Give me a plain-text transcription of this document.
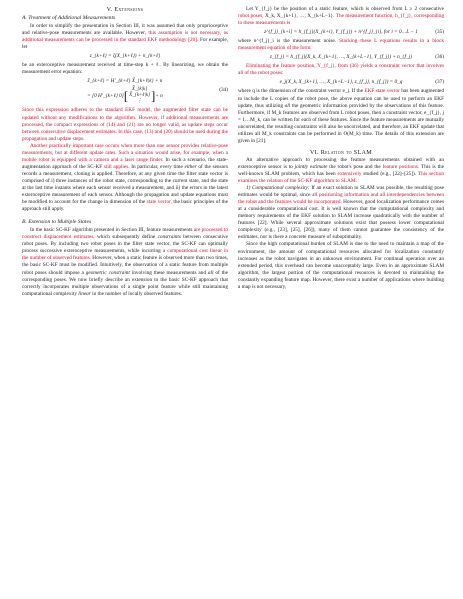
V. Extensions
A. Treatment of Additional Measurements

In order to simplify the presentation in Section III, it was assumed that only proprioceptive and relative-pose measurements are available. However, this assumption is not necessary, as additional measurements can be processed in the standard EKF methodology [20]. For example, let

z_{k+ℓ} = ζ(X_{k+ℓ}) + n_{k+ℓ}

be an exteroceptive measurement received at time-step k + ℓ. By linearizing, we obtain the measurement error equation:

z̃_{k+ℓ} = H′_{k+ℓ} X̃_{k+ℓ|k} + n
= [0 H′_{k+ℓ} 0] [ X̃_{k|k}
X̃_{k+ℓ|k}
⋮ ] + n
(34)

Since this expression adheres to the standard EKF model, the augmented filter state can be updated without any modifications to the algorithm. However, if additional measurements are processed, the compact expressions of (14) and (21) are no longer valid, as update steps occur between consecutive displacement estimates. In this case, (13) and (20) should be used during the propagation and update steps.

Another practically important case occurs when more than one sensor provides relative-pose measurements, but at different update rates. Such a situation would arise, for example, when a mobile robot is equipped with a camera and a laser range finder. In such a scenario, the state-augmentation approach of the SC-KF still applies. In particular, every time either of the sensors records a measurement, cloning is applied. Therefore, at any given time the filter state vector is comprised of i) three instances of the robot state, corresponding to the current state, and the state at the last time instants where each sensor received a measurement, and ii) the errors in the latest exteroceptive measurement of each sensor. Although the propagation and update equations must be modified to account for the change in dimension of the state vector, the basic principles of the approach still apply.

B. Extension to Multiple States

In the basic SC-KF algorithm presented in Section III, feature measurements are processed to construct displacement estimates, which subsequently define constraints between consecutive robot poses. By including two robot poses in the filter state vector, the SC-KF can optimally process successive exteroceptive measurements, while incurring a computational cost linear in the number of observed features. However, when a static feature is observed more than two times, the basic SC-KF must be modified. Intuitively, the observation of a static feature from multiple robot poses should impose a geometric constraint involving these measurements and all of the corresponding poses. We now briefly describe an extension to the basic SC-KF approach that correctly incorporates multiple observations of a single point feature while still maintaining computational complexity linear in the number of locally observed features.

Let Y_{f_j} be the position of a static feature, which is observed from L ≥ 2 consecutive robot poses, X_k, X_{k+1}, …, X_{k+L−1}. The measurement function, h_{f_j}, corresponding to these measurements is

z^{f_j}_{k+i} = h_{f_j}(X_{k+i}, Y_{f_j}) + n^{f_j}_{i}, for i = 0…L − 1	(35)

where n^{f_j}_i is the measurement noise. Stacking these L equations results in a block measurement equation of the form:

z_{f_j} = h_{f_j}(X_k, X_{k+1}, …, X_{k+L−1}, Y_{f_j}) + n_{f_j}	(36)

Eliminating the feature position, Y_{f_j}, from (36) yields a constraint vector that involves all of the robot poses:

e_j(X_k, X_{k+1}, …, X_{k+L−1}, z_{f_j}, n_{f_j}) = 0_q	(37)

where q is the dimension of the constraint vector e_j. If the EKF state vector has been augmented to include the L copies of the robot pose, the above equation can be used to perform an EKF update, thus utilizing all the geometric information provided by the observations of this feature. Furthermore, if M_k features are observed from L robot poses, then a constraint vector, e_{f_j}, j = 1…M_k, can be written for each of these features. Since the feature measurements are mutually uncorrelated, the resulting constraints will also be uncorrelated, and therefore, an EKF update that utilizes all M_k constraints can be performed in O(M_k) time. The details of this extension are given in [21].

VI. Relation to SLAM

An alternative approach to processing the feature measurements obtained with an exteroceptive sensor is to jointly estimate the robot's pose and the feature positions. This is the well-known SLAM problem, which has been extensively studied (e.g., [22]–[25]). This section examines the relation of the SC-KF algorithm to SLAM.

1) Computational complexity: If an exact solution to SLAM was possible, the resulting pose estimates would be optimal, since all positioning information and all interdependencies between the robot and the features would be incorporated. However, good localization performance comes at a considerable computational cost. It is well known that the computational complexity and memory requirements of the EKF solution to SLAM increase quadratically with the number of features [22]. While several approximate solutions exist that possess lower computational complexity (e.g., [23], [25], [26]), many of them cannot guarantee the consistency of the estimates, nor is there a concrete measure of suboptimality.

Since the high computational burden of SLAM is due to the need to maintain a map of the environment, the amount of computational resources allocated for localization constantly increases as the robot navigates in an unknown environment. For continual operation over an extended period, this overhead can become unacceptably large. Even in an approximate SLAM algorithm, the largest portion of the computational resources is devoted to maintaining the constantly expanding feature map. However, there exist a number of applications where building a map is not necessary,
